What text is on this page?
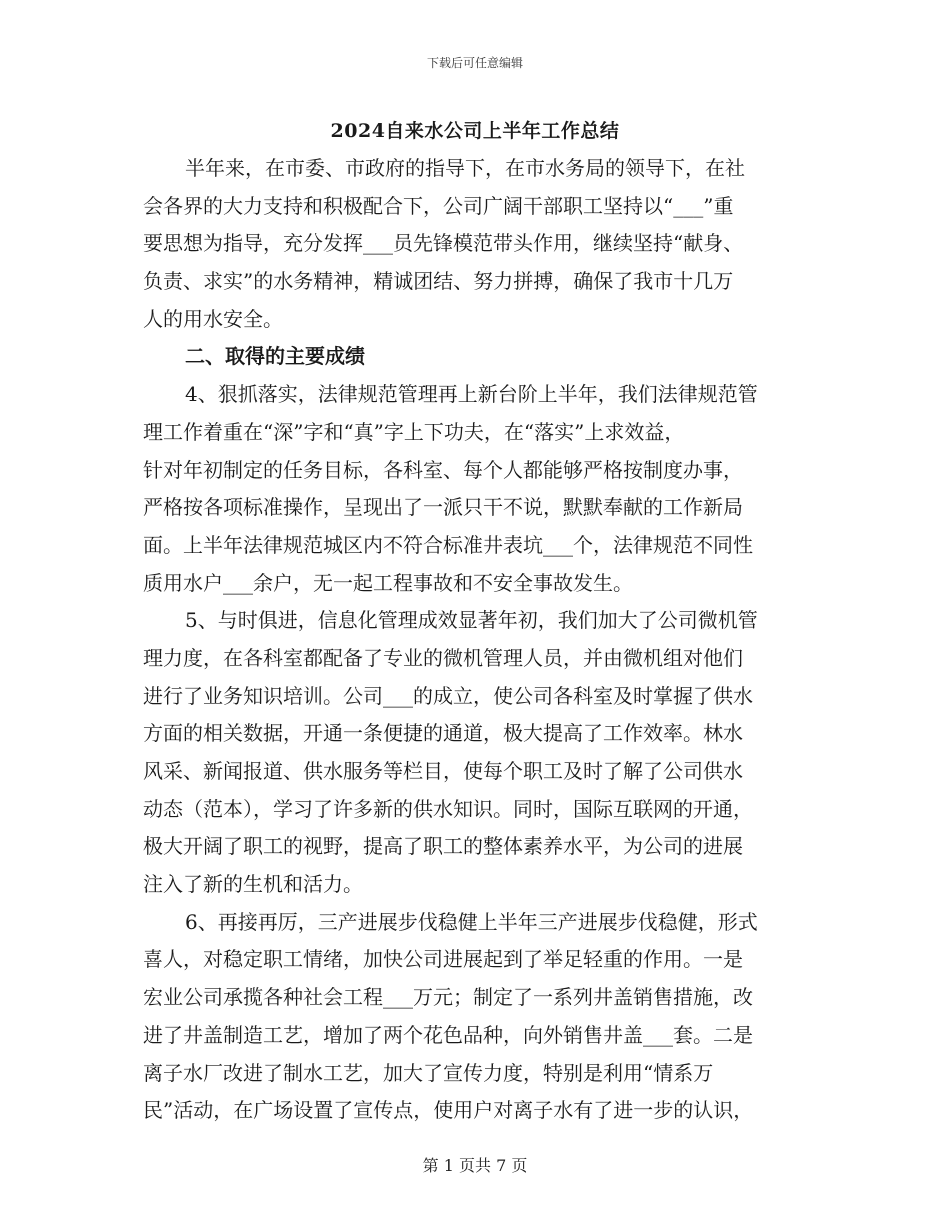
下载后可任意编辑
2024自来水公司上半年工作总结
半年来，在市委、市政府的指导下，在市水务局的领导下，在社
会各界的大力支持和积极配合下，公司广阔干部职工坚持以“___”重
要思想为指导，充分发挥___员先锋模范带头作用，继续坚持“献身、
负责、求实”的水务精神，精诚团结、努力拼搏，确保了我市十几万
人的用水安全。
二、取得的主要成绩
4、狠抓落实，法律规范管理再上新台阶上半年，我们法律规范管
理工作着重在“深”字和“真”字上下功夫，在“落实”上求效益，
针对年初制定的任务目标，各科室、每个人都能够严格按制度办事，
严格按各项标准操作，呈现出了一派只干不说，默默奉献的工作新局
面。上半年法律规范城区内不符合标准井表坑___个，法律规范不同性
质用水户___余户，无一起工程事故和不安全事故发生。
5、与时俱进，信息化管理成效显著年初，我们加大了公司微机管
理力度，在各科室都配备了专业的微机管理人员，并由微机组对他们
进行了业务知识培训。公司___的成立，使公司各科室及时掌握了供水
方面的相关数据，开通一条便捷的通道，极大提高了工作效率。林水
风采、新闻报道、供水服务等栏目，使每个职工及时了解了公司供水
动态（范本），学习了许多新的供水知识。同时，国际互联网的开通，
极大开阔了职工的视野，提高了职工的整体素养水平，为公司的进展
注入了新的生机和活力。
6、再接再厉，三产进展步伐稳健上半年三产进展步伐稳健，形式
喜人，对稳定职工情绪，加快公司进展起到了举足轻重的作用。一是
宏业公司承揽各种社会工程___万元；制定了一系列井盖销售措施，改
进了井盖制造工艺，增加了两个花色品种，向外销售井盖___套。二是
离子水厂改进了制水工艺，加大了宣传力度，特别是利用“情系万
民”活动，在广场设置了宣传点，使用户对离子水有了进一步的认识，
第 1 页共 7 页
